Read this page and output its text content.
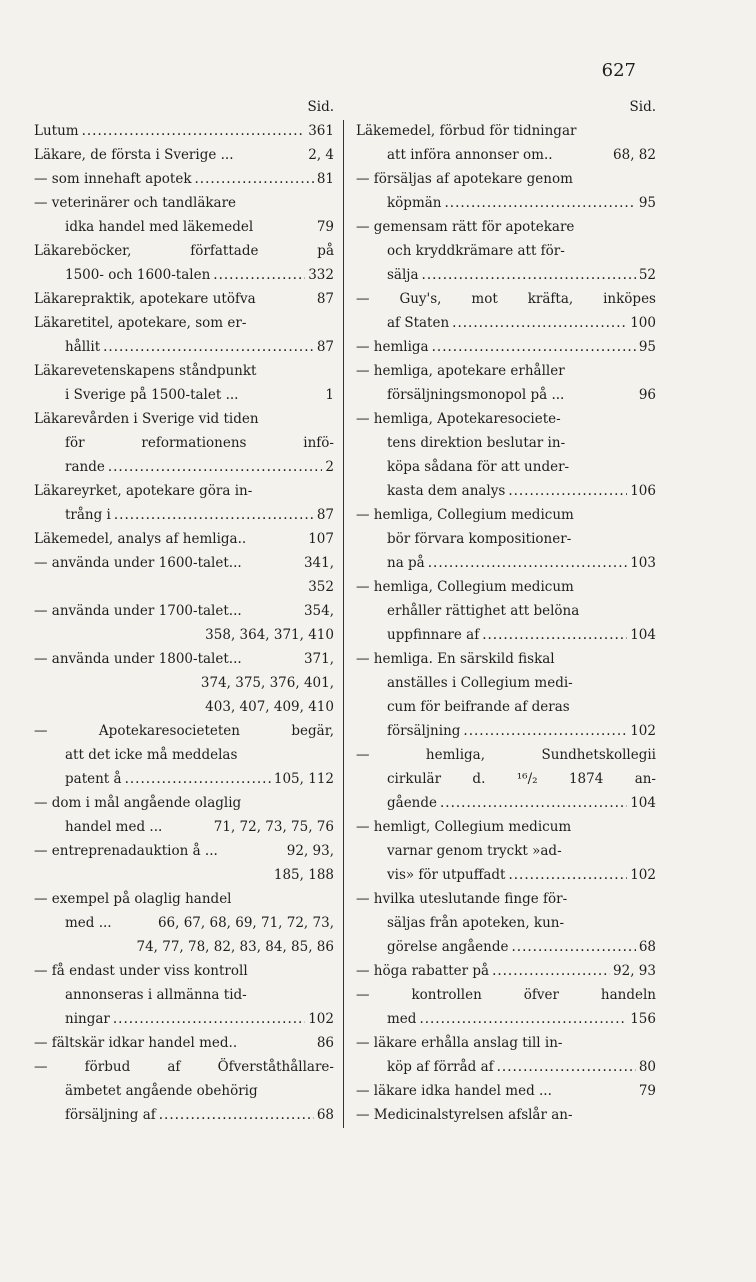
627
Sid.
Lutum .....	361
Läkare, de första i Sverige ...	2, 4
— som innehaft apotek .....	81
— veterinärer och tandläkare
idka handel med läkemedel	79
Läkareböcker,	författade	på
1500- och 1600-talen .....	332
Läkarepraktik, apotekare utöfva	87
Läkaretitel, apotekare, som er-
hållit .....	87
Läkarevetenskapens ståndpunkt
i Sverige på 1500-talet ...	1
Läkarevården i Sverige vid tiden
för	reformationens	infö-
rande .....	2
Läkareyrket, apotekare göra in-
trång i .....	87
Läkemedel, analys af hemliga..	107
— använda under 1600-talet...	341,
352
— använda under 1700-talet...	354,
358, 364, 371, 410
— använda under 1800-talet...	371,
374, 375, 376, 401,
403, 407, 409, 410
—	Apotekaresocieteten	begär,
att det icke må meddelas
patent å .....	105, 112
— dom i mål angående olaglig
handel med ...	71, 72, 73, 75, 76
— entreprenadauktion å ...	92, 93,
185, 188
— exempel på olaglig handel
med ...	66, 67, 68, 69, 71, 72, 73,
74, 77, 78, 82, 83, 84, 85, 86
— få endast under viss kontroll
annonseras i allmänna tid-
ningar .....	102
— fältskär idkar handel med..	86
—	förbud	af	Öfverståthållare-
ämbetet angående obehörig
försäljning af .....	68
Sid.
Läkemedel, förbud för tidningar
att införa annonser om..	68, 82
— försäljas af apotekare genom
köpmän .....	95
— gemensam rätt för apotekare
och kryddkrämare att för-
sälja .....	52
— Guy's, mot kräfta, inköpes
af Staten .....	100
— hemliga .....	95
— hemliga, apotekare erhåller
försäljningsmonopol på ...	96
— hemliga, Apotekaresociete-
tens direktion beslutar in-
köpa sådana för att under-
kasta dem analys .....	106
— hemliga, Collegium medicum
bör förvara kompositioner-
na på .....	103
— hemliga, Collegium medicum
erhåller rättighet att belöna
uppfinnare af .....	104
— hemliga. En särskild fiskal
anställes i Collegium medi-
cum för beifrande af deras
försäljning .....	102
—	hemliga,	Sundhetskollegii
cirkulär d. ¹⁶/₂ 1874 an-
gående .....	104
— hemligt, Collegium medicum
varnar genom tryckt »ad-
vis» för utpuffadt .....	102
— hvilka uteslutande finge för-
säljas från apoteken, kun-
görelse angående .....	68
— höga rabatter på .....	92, 93
—	kontrollen	öfver	handeln
med .....	156
— läkare erhålla anslag till in-
köp af förråd af .....	80
— läkare idka handel med ...	79
— Medicinalstyrelsen afslår an-
